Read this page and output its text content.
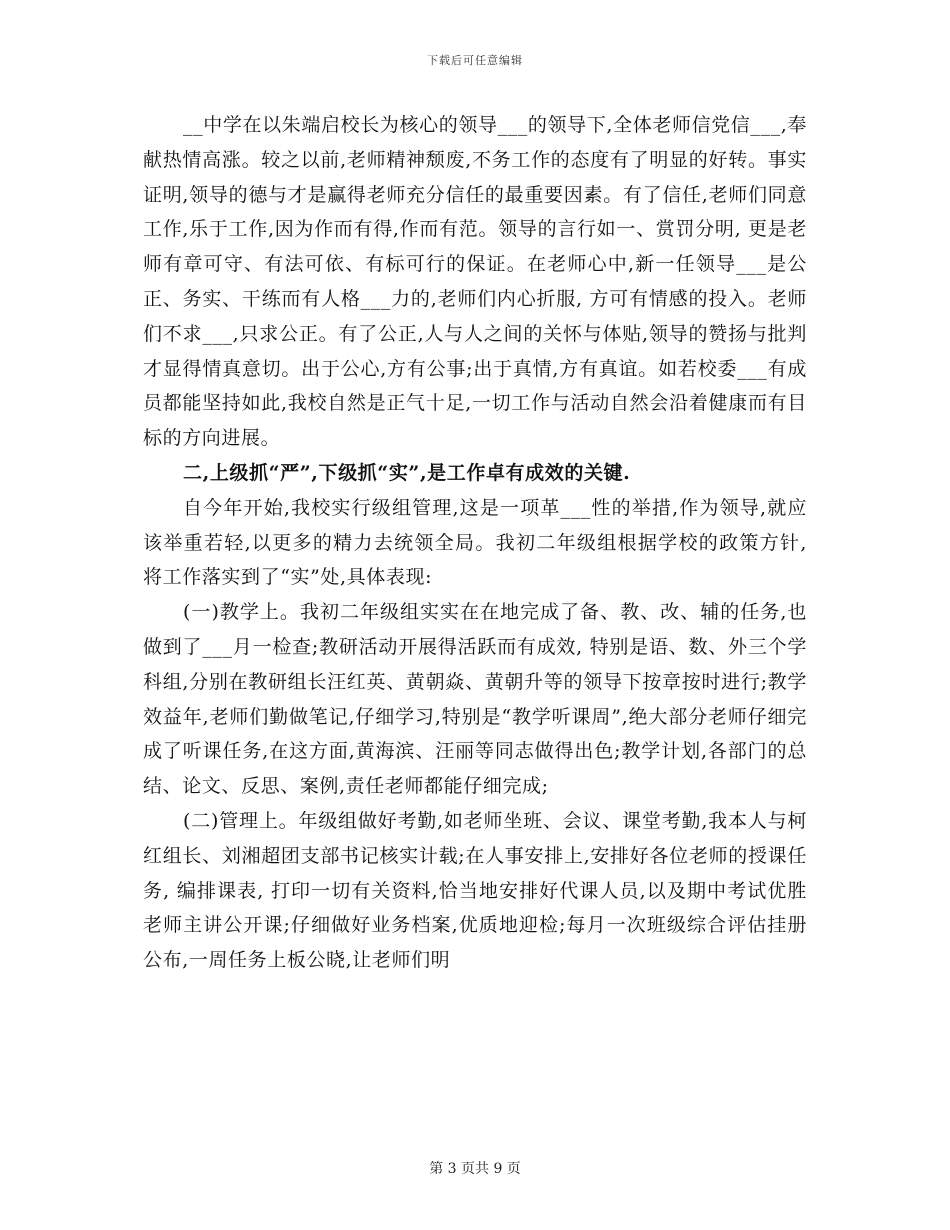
下载后可任意编辑

__中学在以朱端启校长为核心的领导___的领导下,全体老师信党信___,奉献热情高涨。较之以前,老师精神颓废,不务工作的态度有了明显的好转。事实证明,领导的德与才是赢得老师充分信任的最重要因素。有了信任,老师们同意工作,乐于工作,因为作而有得,作而有范。领导的言行如一、赏罚分明, 更是老师有章可守、有法可依、有标可行的保证。在老师心中,新一任领导___是公正、务实、干练而有人格___力的,老师们内心折服, 方可有情感的投入。老师们不求___,只求公正。有了公正,人与人之间的关怀与体贴,领导的赞扬与批判才显得情真意切。出于公心,方有公事;出于真情,方有真谊。如若校委___有成员都能坚持如此,我校自然是正气十足,一切工作与活动自然会沿着健康而有目标的方向进展。

二,上级抓“严”,下级抓“实”,是工作卓有成效的关键.

自今年开始,我校实行级组管理,这是一项革___性的举措,作为领导,就应该举重若轻,以更多的精力去统领全局。我初二年级组根据学校的政策方针, 将工作落实到了“实”处,具体表现:

(一)教学上。我初二年级组实实在在地完成了备、教、改、辅的任务,也做到了___月一检查;教研活动开展得活跃而有成效, 特别是语、数、外三个学科组,分别在教研组长汪红英、黄朝焱、黄朝升等的领导下按章按时进行;教学效益年,老师们勤做笔记,仔细学习,特别是“教学听课周”,绝大部分老师仔细完成了听课任务,在这方面,黄海滨、汪丽等同志做得出色;教学计划,各部门的总结、论文、反思、案例,责任老师都能仔细完成;

(二)管理上。年级组做好考勤,如老师坐班、会议、课堂考勤,我本人与柯红组长、刘湘超团支部书记核实计载;在人事安排上,安排好各位老师的授课任务, 编排课表, 打印一切有关资料,恰当地安排好代课人员,以及期中考试优胜老师主讲公开课;仔细做好业务档案,优质地迎检;每月一次班级综合评估挂册公布,一周任务上板公晓,让老师们明

第 3 页共 9 页
